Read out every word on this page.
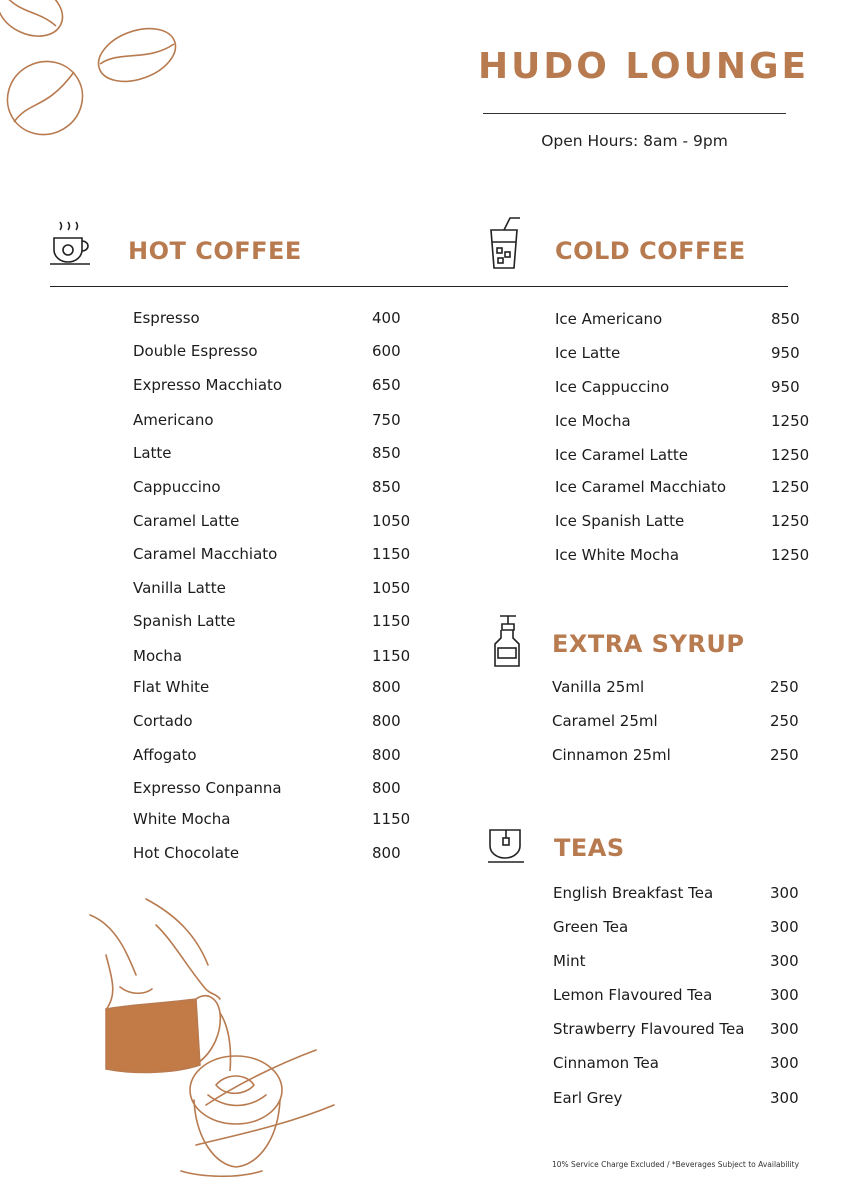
HUDO LOUNGE
Open Hours: 8am - 9pm
HOT COFFEE	COLD COFFEE
EXTRA SYRUP
TEAS
Espresso	400
Double Espresso	600
Expresso Macchiato	650
Americano	750
Latte	850
Cappuccino	850
Caramel Latte	1050
Caramel Macchiato	1150
Vanilla Latte	1050
Spanish Latte	1150
Mocha	1150
Flat White	800
Cortado	800
Affogato	800
Expresso Conpanna	800
White Mocha	1150
Hot Chocolate	800
Ice Americano	850
Ice Latte	950
Ice Cappuccino	950
Ice Mocha	1250
Ice Caramel Latte	1250
Ice Caramel Macchiato	1250
Ice Spanish Latte	1250
Ice White Mocha	1250
Vanilla 25ml	250
Caramel 25ml	250
Cinnamon 25ml	250
English Breakfast Tea	300
Green Tea	300
Mint	300
Lemon Flavoured Tea	300
Strawberry Flavoured Tea 300
Cinnamon Tea	300
Earl Grey	300
10% Service Charge Excluded / *Beverages Subject to Availability
